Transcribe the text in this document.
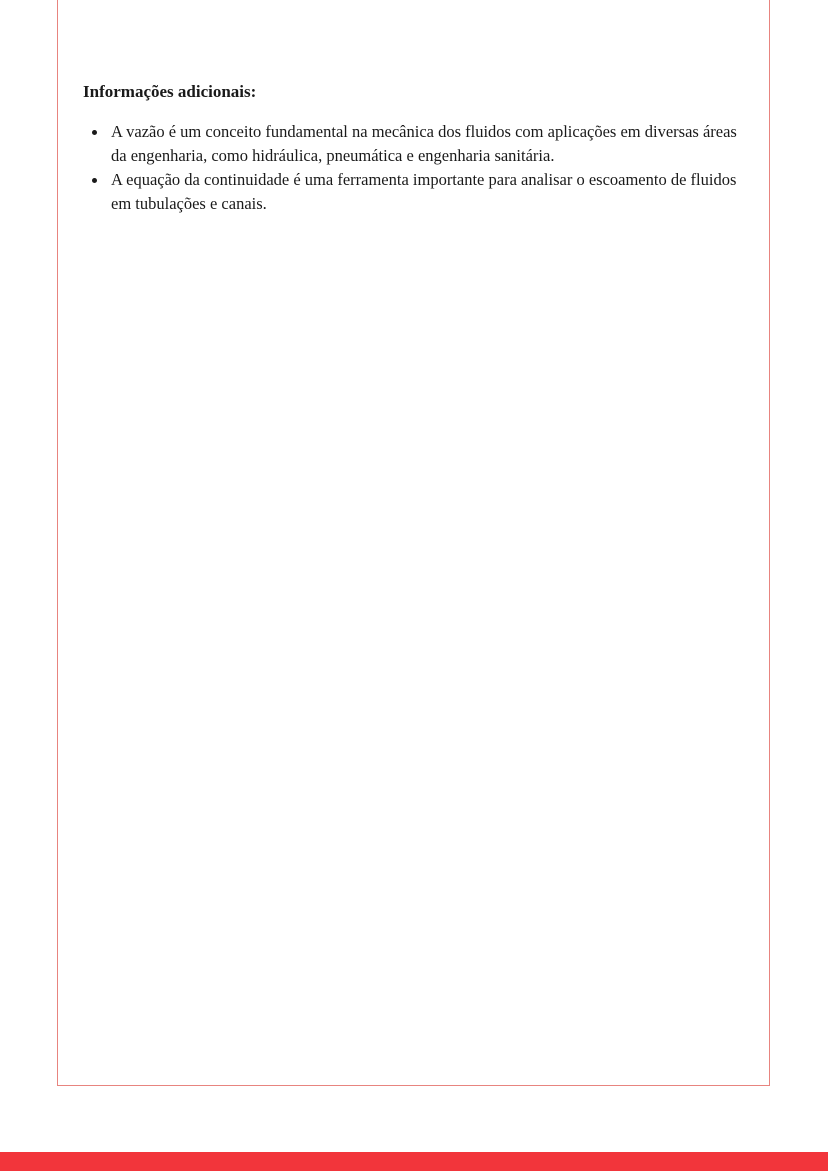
Informações adicionais:
A vazão é um conceito fundamental na mecânica dos fluidos com aplicações em diversas áreas da engenharia, como hidráulica, pneumática e engenharia sanitária.
A equação da continuidade é uma ferramenta importante para analisar o escoamento de fluidos em tubulações e canais.
